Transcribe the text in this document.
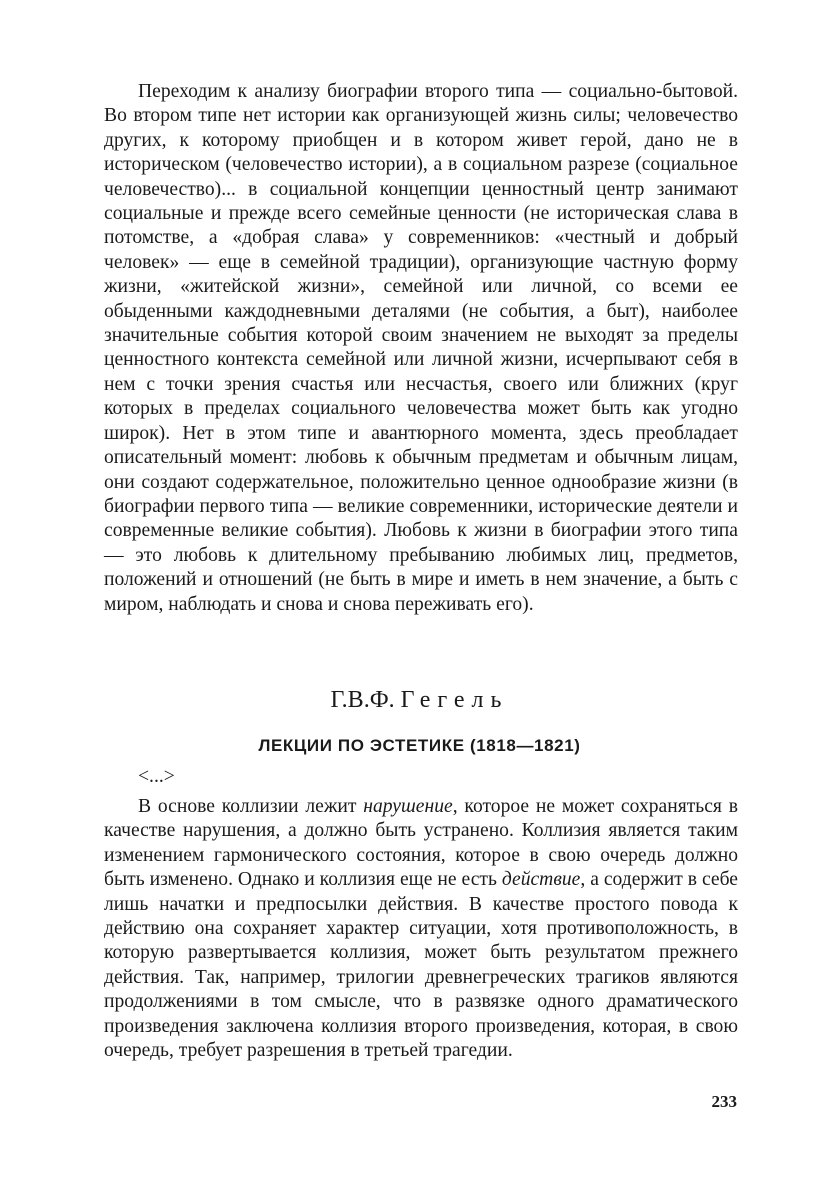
Переходим к анализу биографии второго типа — социально-бытовой. Во втором типе нет истории как организующей жизнь силы; человечество других, к которому приобщен и в котором живет герой, дано не в историческом (человечество истории), а в социальном разрезе (социальное человечество)... в социальной концепции ценностный центр занимают социальные и прежде всего семейные ценности (не историческая слава в потомстве, а «добрая слава» у современников: «честный и добрый человек» — еще в семейной традиции), организующие частную форму жизни, «житейской жизни», семейной или личной, со всеми ее обыденными каждодневными деталями (не события, а быт), наиболее значительные события которой своим значением не выходят за пределы ценностного контекста семейной или личной жизни, исчерпывают себя в нем с точки зрения счастья или несчастья, своего или ближних (круг которых в пределах социального человечества может быть как угодно широк). Нет в этом типе и авантюрного момента, здесь преобладает описательный момент: любовь к обычным предметам и обычным лицам, они создают содержательное, положительно ценное однообразие жизни (в биографии первого типа — великие современники, исторические деятели и современные великие события). Любовь к жизни в биографии этого типа — это любовь к длительному пребыванию любимых лиц, предметов, положений и отношений (не быть в мире и иметь в нем значение, а быть с миром, наблюдать и снова и снова переживать его).

Г.В.Ф. Гегель
ЛЕКЦИИ ПО ЭСТЕТИКЕ (1818—1821)
<...>

В основе коллизии лежит нарушение, которое не может сохраняться в качестве нарушения, а должно быть устранено. Коллизия является таким изменением гармонического состояния, которое в свою очередь должно быть изменено. Однако и коллизия еще не есть действие, а содержит в себе лишь начатки и предпосылки действия. В качестве простого повода к действию она сохраняет характер ситуации, хотя противоположность, в которую развертывается коллизия, может быть результатом прежнего действия. Так, например, трилогии древнегреческих трагиков являются продолжениями в том смысле, что в развязке одного драматического произведения заключена коллизия второго произведения, которая, в свою очередь, требует разрешения в третьей трагедии.

233
